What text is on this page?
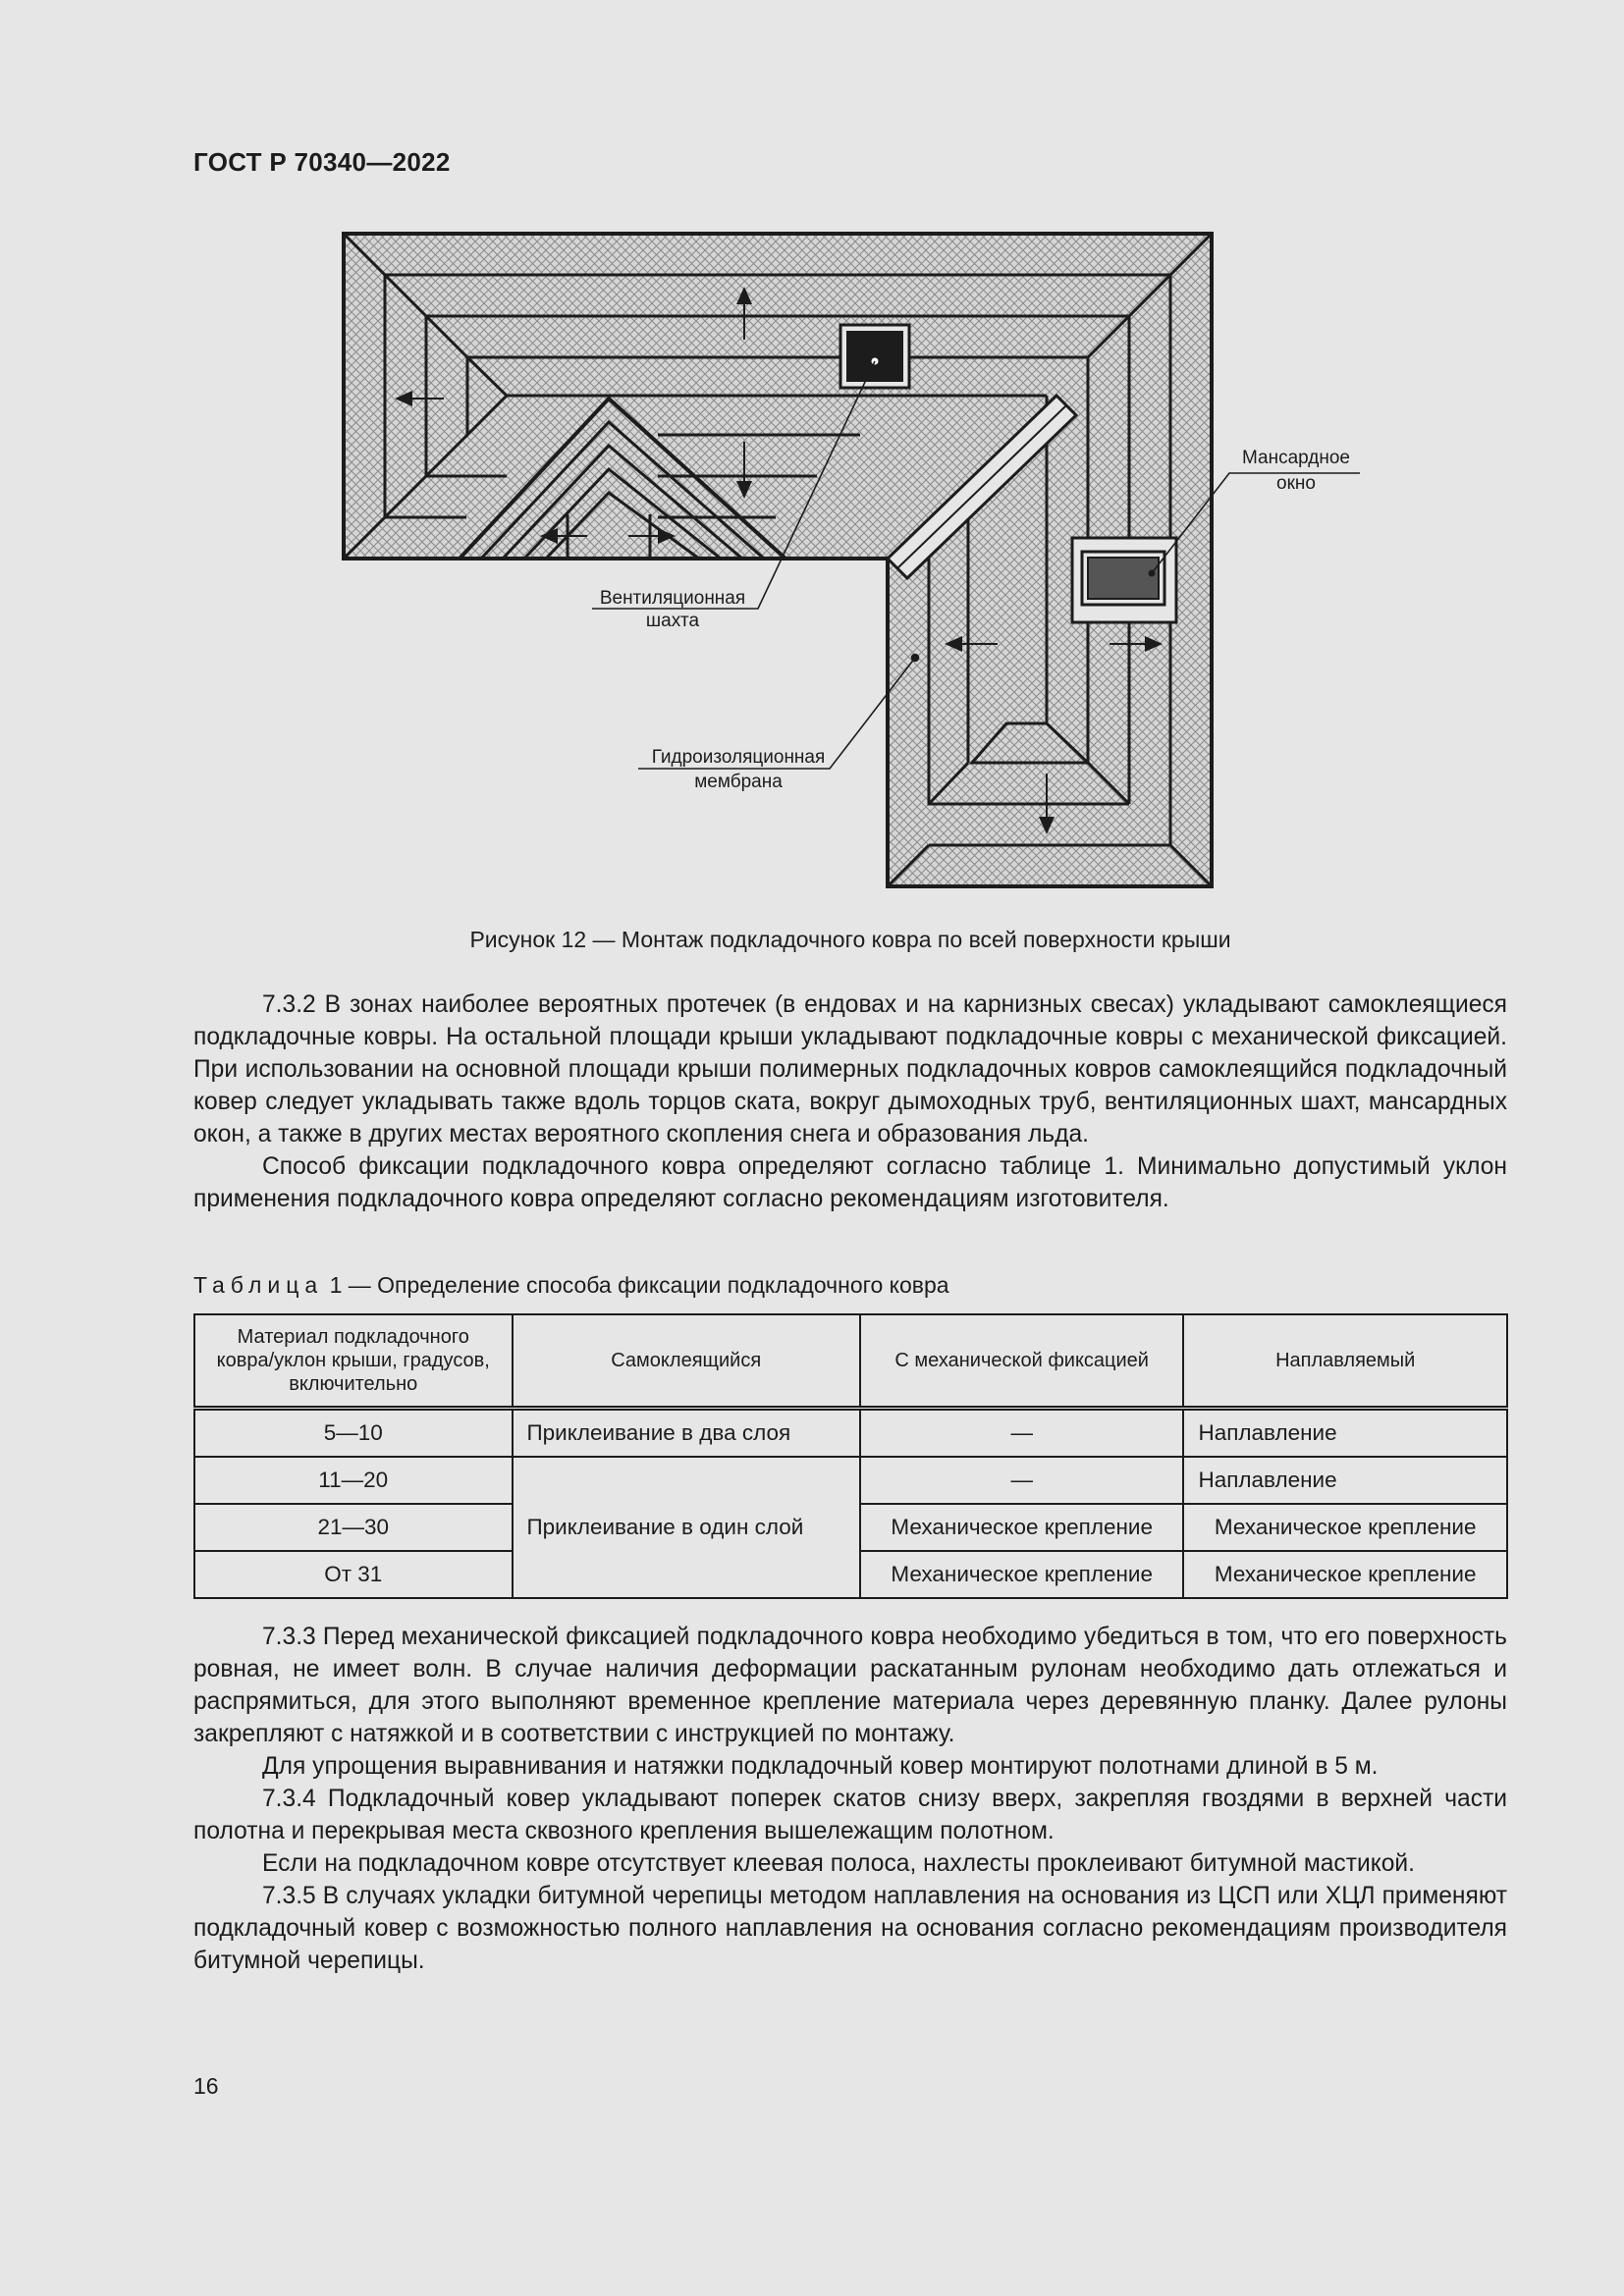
ГОСТ Р 70340—2022
Мансардное
окно
Вентиляционная
шахта
Гидроизоляционная
мембрана
Рисунок 12 — Монтаж подкладочного ковра по всей поверхности крыши

7.3.2 В зонах наиболее вероятных протечек (в ендовах и на карнизных свесах) укладывают самоклеящиеся подкладочные ковры. На остальной площади крыши укладывают подкладочные ковры с механической фиксацией. При использовании на основной площади крыши полимерных подкладочных ковров самоклеящийся подкладочный ковер следует укладывать также вдоль торцов ската, вокруг дымоходных труб, вентиляционных шахт, мансардных окон, а также в других местах вероятного скопления снега и образования льда.

Способ фиксации подкладочного ковра определяют согласно таблице 1. Минимально допустимый уклон применения подкладочного ковра определяют согласно рекомендациям изготовителя.

Таблица 1 — Определение способа фиксации подкладочного ковра
Материал подкладочного ковра/уклон крыши, градусов, включительно	Самоклеящийся	С механической фиксацией	Наплавляемый
5—10	Приклеивание в два слоя	—	Наплавление
11—20	Приклеивание в один слой	—	Наплавление
21—30		Механическое крепление	Механическое крепление
От 31		Механическое крепление	Механическое крепление

7.3.3 Перед механической фиксацией подкладочного ковра необходимо убедиться в том, что его поверхность ровная, не имеет волн. В случае наличия деформации раскатанным рулонам необходимо дать отлежаться и распрямиться, для этого выполняют временное крепление материала через деревянную планку. Далее рулоны закрепляют с натяжкой и в соответствии с инструкцией по монтажу.

Для упрощения выравнивания и натяжки подкладочный ковер монтируют полотнами длиной в 5 м.

7.3.4 Подкладочный ковер укладывают поперек скатов снизу вверх, закрепляя гвоздями в верхней части полотна и перекрывая места сквозного крепления вышележащим полотном.

Если на подкладочном ковре отсутствует клеевая полоса, нахлесты проклеивают битумной мастикой.

7.3.5 В случаях укладки битумной черепицы методом наплавления на основания из ЦСП или ХЦЛ применяют подкладочный ковер с возможностью полного наплавления на основания согласно рекомендациям производителя битумной черепицы.

16
